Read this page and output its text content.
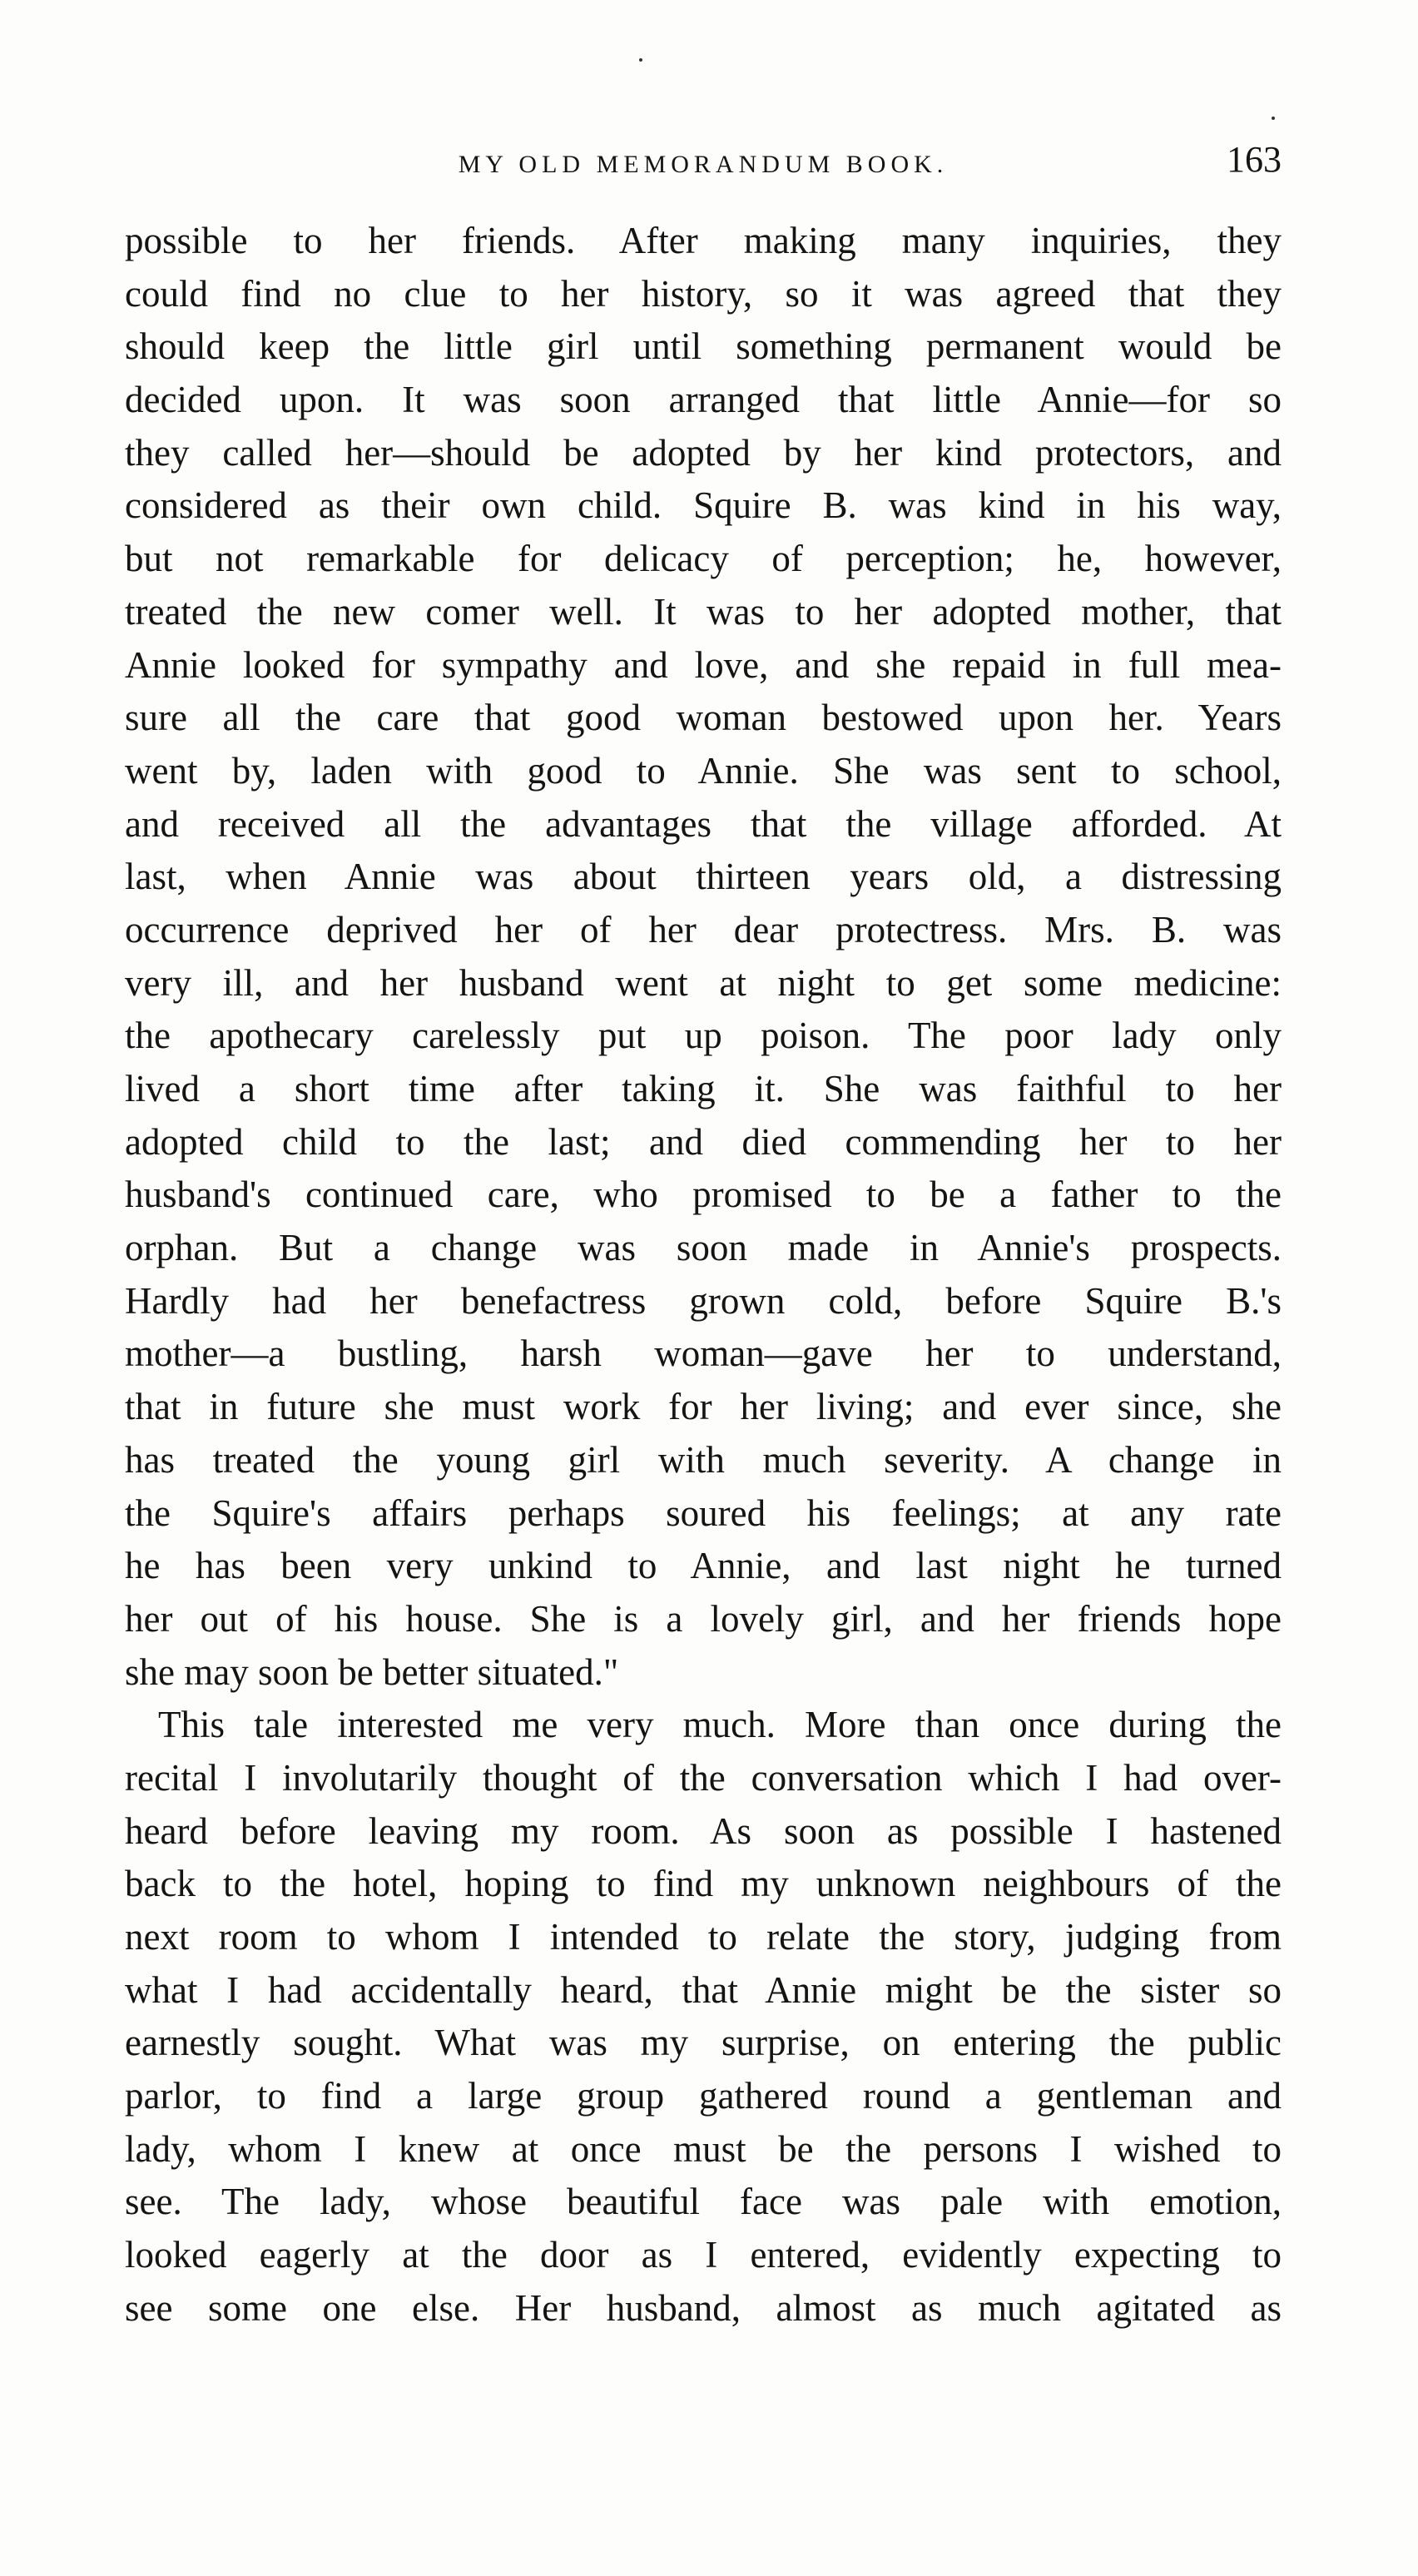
MY OLD MEMORANDUM BOOK.	163
possible to her friends. After making many inquiries, they
could find no clue to her history, so it was agreed that they
should keep the little girl until something permanent would be
decided upon. It was soon arranged that little Annie—for so
they called her—should be adopted by her kind protectors, and
considered as their own child. Squire B. was kind in his way,
but not remarkable for delicacy of perception; he, however,
treated the new comer well. It was to her adopted mother, that
Annie looked for sympathy and love, and she repaid in full mea-
sure all the care that good woman bestowed upon her. Years
went by, laden with good to Annie. She was sent to school,
and received all the advantages that the village afforded. At
last, when Annie was about thirteen years old, a distressing
occurrence deprived her of her dear protectress. Mrs. B. was
very ill, and her husband went at night to get some medicine:
the apothecary carelessly put up poison. The poor lady only
lived a short time after taking it. She was faithful to her
adopted child to the last; and died commending her to her
husband's continued care, who promised to be a father to the
orphan. But a change was soon made in Annie's prospects.
Hardly had her benefactress grown cold, before Squire B.'s
mother—a bustling, harsh woman—gave her to understand,
that in future she must work for her living; and ever since, she
has treated the young girl with much severity. A change in
the Squire's affairs perhaps soured his feelings; at any rate
he has been very unkind to Annie, and last night he turned
her out of his house. She is a lovely girl, and her friends hope
she may soon be better situated."
This tale interested me very much. More than once during the
recital I involutarily thought of the conversation which I had over-
heard before leaving my room. As soon as possible I hastened
back to the hotel, hoping to find my unknown neighbours of the
next room to whom I intended to relate the story, judging from
what I had accidentally heard, that Annie might be the sister so
earnestly sought. What was my surprise, on entering the public
parlor, to find a large group gathered round a gentleman and
lady, whom I knew at once must be the persons I wished to
see. The lady, whose beautiful face was pale with emotion,
looked eagerly at the door as I entered, evidently expecting to
see some one else. Her husband, almost as much agitated as
